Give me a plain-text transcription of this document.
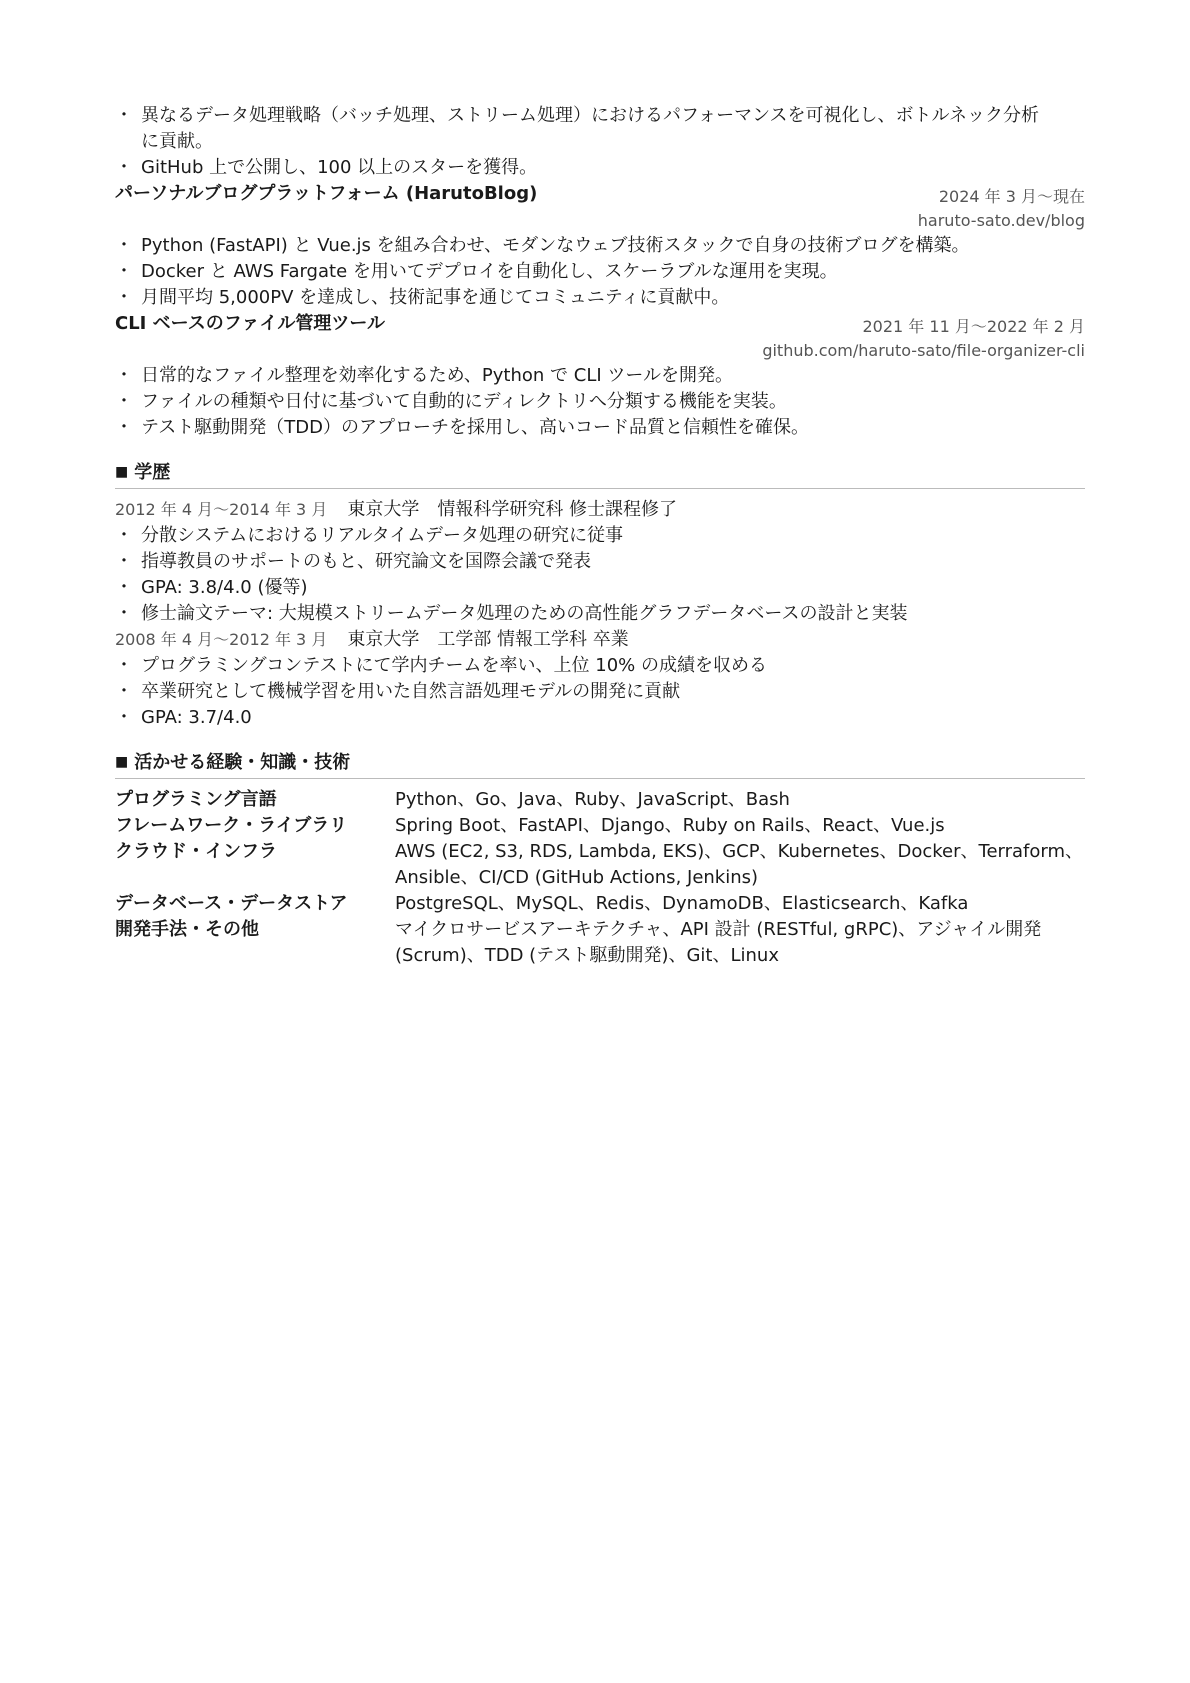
・ 異なるデータ処理戦略（バッチ処理、ストリーム処理）におけるパフォーマンスを可視化し、ボトルネック分析に貢献。
・ GitHub 上で公開し、100 以上のスターを獲得。
パーソナルブログプラットフォーム (HarutoBlog)	2024 年 3 月〜現在
haruto-sato.dev/blog
・ Python (FastAPI) と Vue.js を組み合わせ、モダンなウェブ技術スタックで自身の技術ブログを構築。
・ Docker と AWS Fargate を用いてデプロイを自動化し、スケーラブルな運用を実現。
・ 月間平均 5,000PV を達成し、技術記事を通じてコミュニティに貢献中。
CLI ベースのファイル管理ツール	2021 年 11 月〜2022 年 2 月
github.com/haruto-sato/file-organizer-cli
・ 日常的なファイル整理を効率化するため、Python で CLI ツールを開発。
・ ファイルの種類や日付に基づいて自動的にディレクトリへ分類する機能を実装。
・ テスト駆動開発（TDD）のアプローチを採用し、高いコード品質と信頼性を確保。
■ 学歴
2012 年 4 月〜2014 年 3 月 東京大学　情報科学研究科 修士課程修了
・ 分散システムにおけるリアルタイムデータ処理の研究に従事
・ 指導教員のサポートのもと、研究論文を国際会議で発表
・ GPA: 3.8/4.0 (優等)
・ 修士論文テーマ: 大規模ストリームデータ処理のための高性能グラフデータベースの設計と実装
2008 年 4 月〜2012 年 3 月 東京大学　工学部 情報工学科 卒業
・ プログラミングコンテストにて学内チームを率い、上位 10% の成績を収める
・ 卒業研究として機械学習を用いた自然言語処理モデルの開発に貢献
・ GPA: 3.7/4.0
■ 活かせる経験・知識・技術
プログラミング言語	Python、Go、Java、Ruby、JavaScript、Bash
フレームワーク・ライブラリ	Spring Boot、FastAPI、Django、Ruby on Rails、React、Vue.js
クラウド・インフラ	AWS (EC2, S3, RDS, Lambda, EKS)、GCP、Kubernetes、Docker、Terraform、Ansible、CI/CD (GitHub Actions, Jenkins)
データベース・データストア	PostgreSQL、MySQL、Redis、DynamoDB、Elasticsearch、Kafka
開発手法・その他	マイクロサービスアーキテクチャ、API 設計 (RESTful, gRPC)、アジャイル開発 (Scrum)、TDD (テスト駆動開発)、Git、Linux
